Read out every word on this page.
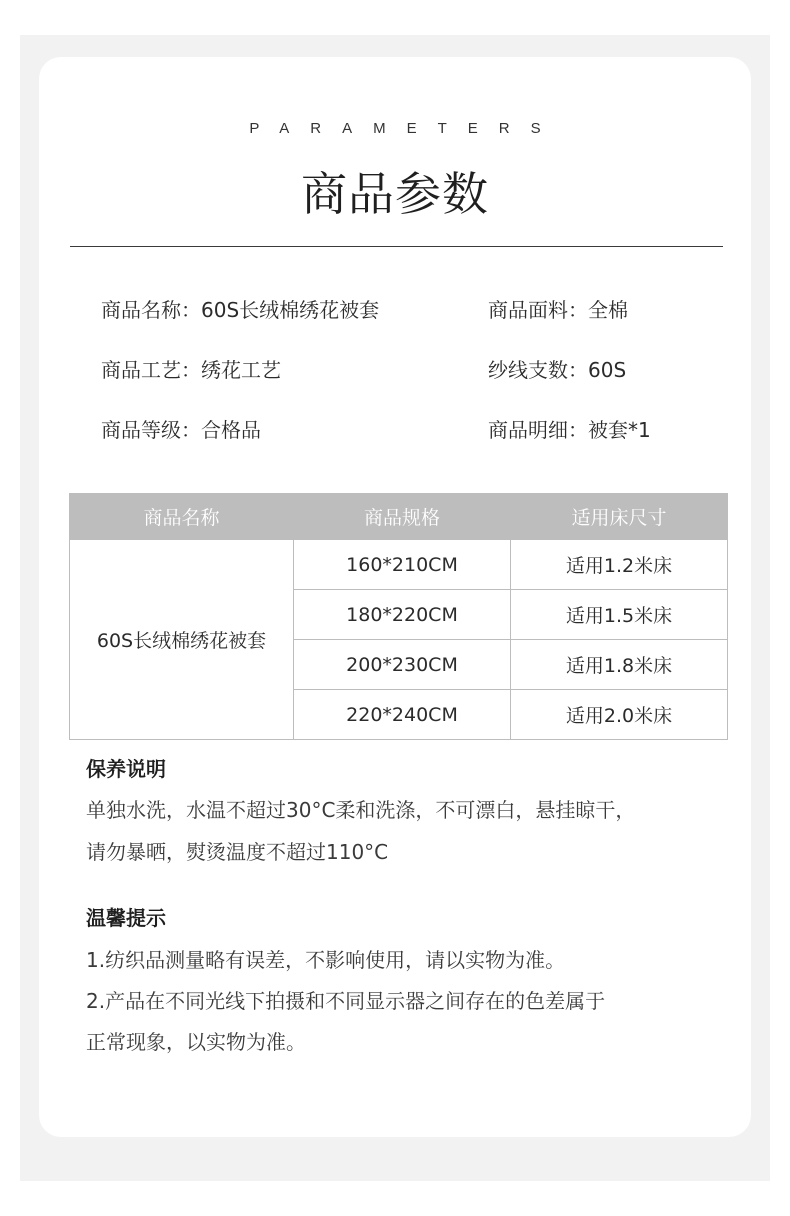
PARAMETERS
商品参数
商品名称：60S长绒棉绣花被套	商品面料：全棉
商品工艺：绣花工艺	纱线支数：60S
商品等级：合格品	商品明细：被套*1
商品名称	商品规格	适用床尺寸
60S长绒棉绣花被套	160*210CM	适用1.2米床
	180*220CM	适用1.5米床
	200*230CM	适用1.8米床
	220*240CM	适用2.0米床
保养说明
单独水洗，水温不超过30°C柔和洗涤，不可漂白，悬挂晾干，
请勿暴晒，熨烫温度不超过110°C
温馨提示
1.纺织品测量略有误差，不影响使用，请以实物为准。
2.产品在不同光线下拍摄和不同显示器之间存在的色差属于
正常现象，以实物为准。
